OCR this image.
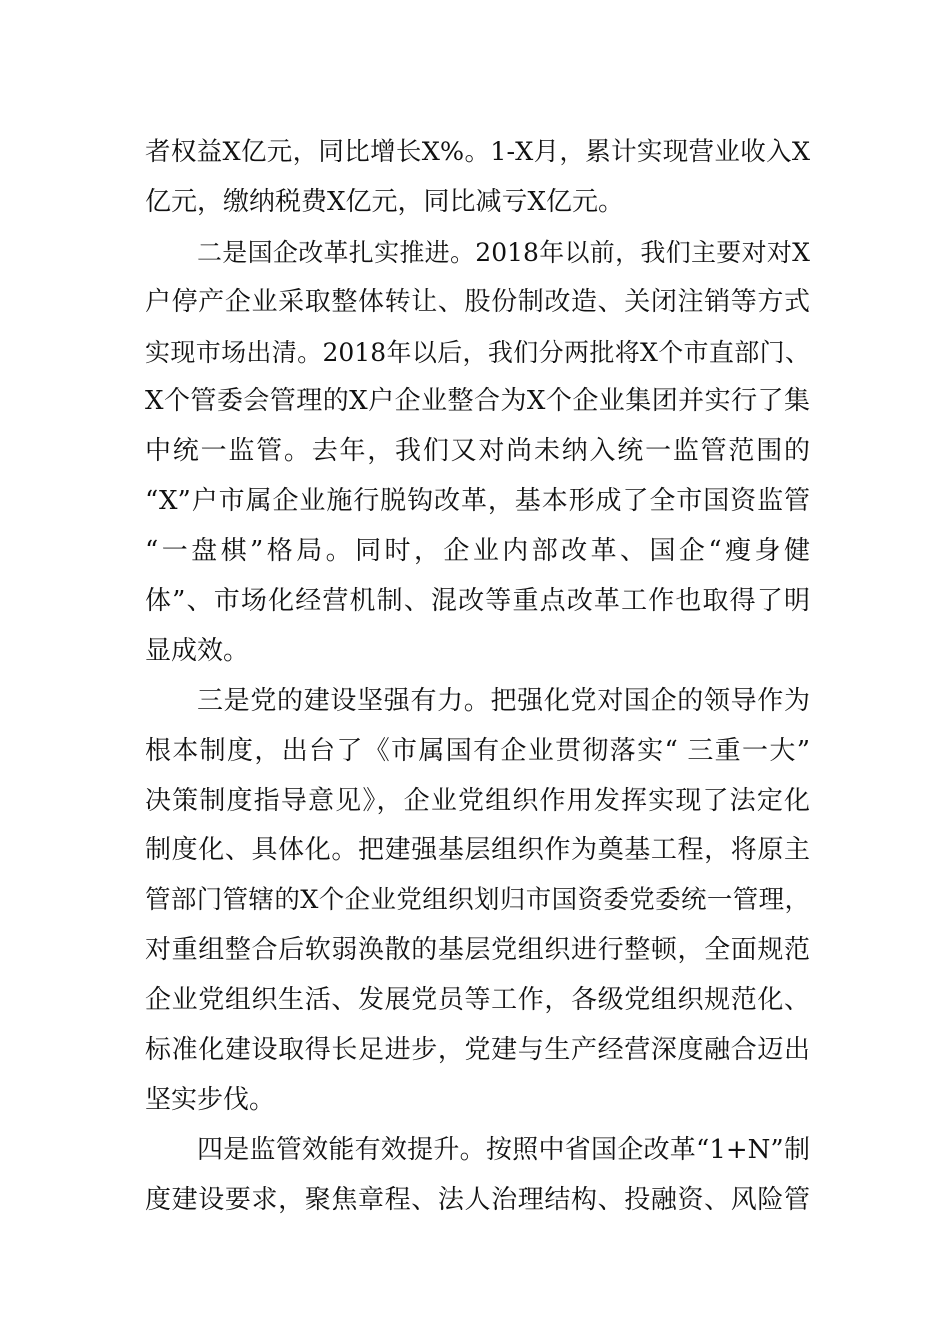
者权益X亿元，同比增长X%。1-X月，累计实现营业收入X
亿元，缴纳税费X亿元，同比减亏X亿元。
二是国企改革扎实推进。2018年以前，我们主要对对X
户停产企业采取整体转让、股份制改造、关闭注销等方式
实现市场出清。2018年以后，我们分两批将X个市直部门、
X个管委会管理的X户企业整合为X个企业集团并实行了集
中统一监管。去年，我们又对尚未纳入统一监管范围的
“X”户市属企业施行脱钩改革，基本形成了全市国资监管
“一盘棋”格局。同时，企业内部改革、国企“瘦身健
体”、市场化经营机制、混改等重点改革工作也取得了明
显成效。
三是党的建设坚强有力。把强化党对国企的领导作为
根本制度，出台了《市属国有企业贯彻落实“ 三重一大”
决策制度指导意见》，企业党组织作用发挥实现了法定化
制度化、具体化。把建强基层组织作为奠基工程，将原主
管部门管辖的X个企业党组织划归市国资委党委统一管理，
对重组整合后软弱涣散的基层党组织进行整顿，全面规范
企业党组织生活、发展党员等工作，各级党组织规范化、
标准化建设取得长足进步，党建与生产经营深度融合迈出
坚实步伐。
四是监管效能有效提升。按照中省国企改革“1+N”制
度建设要求，聚焦章程、法人治理结构、投融资、风险管
